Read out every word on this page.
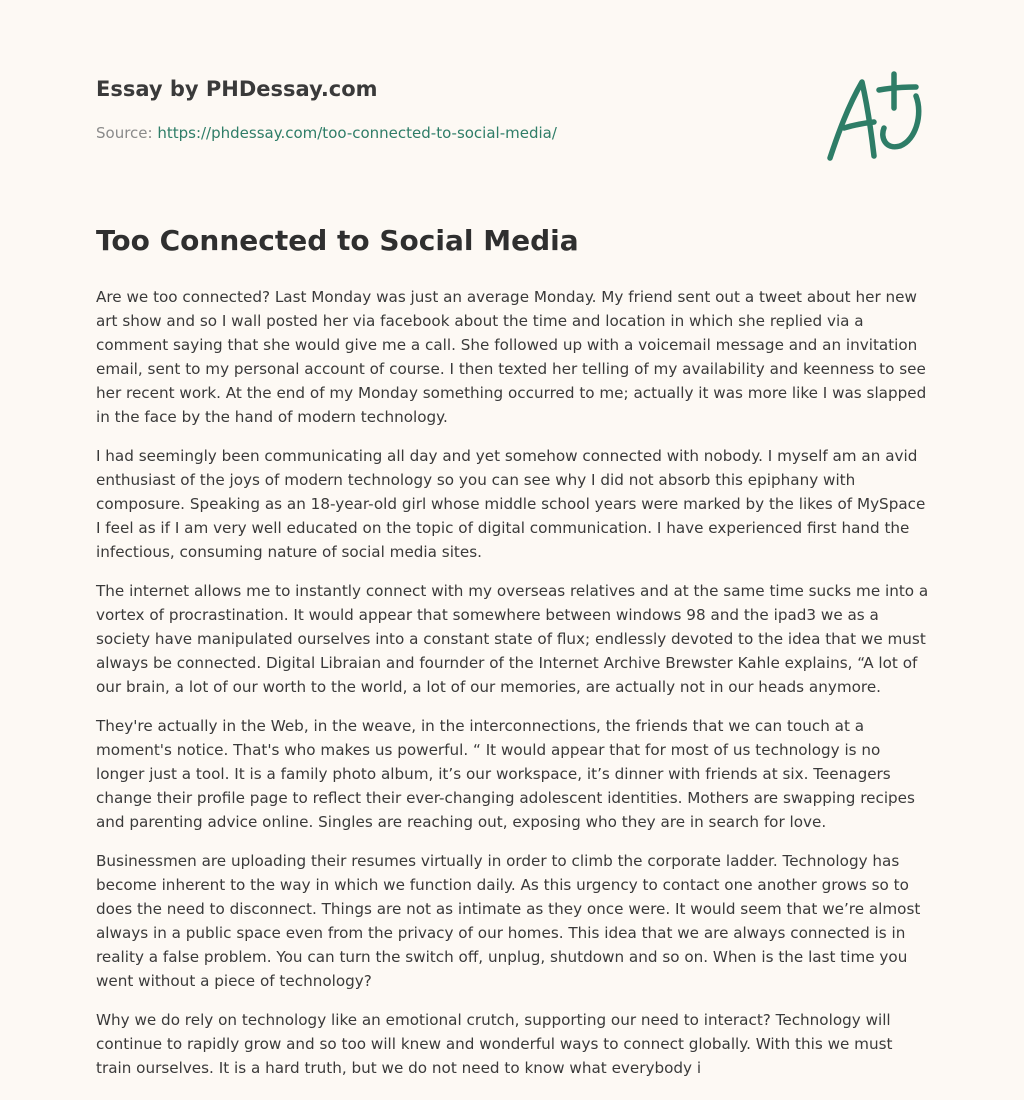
Essay by PHDessay.com
Source: https://phdessay.com/too-connected-to-social-media/
Too Connected to Social Media

Are we too connected? Last Monday was just an average Monday. My friend sent out a tweet about her new art show and so I wall posted her via facebook about the time and location in which she replied via a comment saying that she would give me a call. She followed up with a voicemail message and an invitation email, sent to my personal account of course. I then texted her telling of my availability and keenness to see her recent work. At the end of my Monday something occurred to me; actually it was more like I was slapped in the face by the hand of modern technology.

I had seemingly been communicating all day and yet somehow connected with nobody. I myself am an avid enthusiast of the joys of modern technology so you can see why I did not absorb this epiphany with composure. Speaking as an 18-year-old girl whose middle school years were marked by the likes of MySpace I feel as if I am very well educated on the topic of digital communication. I have experienced first hand the infectious, consuming nature of social media sites.

The internet allows me to instantly connect with my overseas relatives and at the same time sucks me into a vortex of procrastination. It would appear that somewhere between windows 98 and the ipad3 we as a society have manipulated ourselves into a constant state of flux; endlessly devoted to the idea that we must always be connected. Digital Libraian and fournder of the Internet Archive Brewster Kahle explains, “A lot of our brain, a lot of our worth to the world, a lot of our memories, are actually not in our heads anymore.

They're actually in the Web, in the weave, in the interconnections, the friends that we can touch at a moment's notice. That's who makes us powerful. “ It would appear that for most of us technology is no longer just a tool. It is a family photo album, it’s our workspace, it’s dinner with friends at six. Teenagers change their profile page to reflect their ever-changing adolescent identities. Mothers are swapping recipes and parenting advice online. Singles are reaching out, exposing who they are in search for love.

Businessmen are uploading their resumes virtually in order to climb the corporate ladder. Technology has become inherent to the way in which we function daily. As this urgency to contact one another grows so to does the need to disconnect. Things are not as intimate as they once were. It would seem that we’re almost always in a public space even from the privacy of our homes. This idea that we are always connected is in reality a false problem. You can turn the switch off, unplug, shutdown and so on. When is the last time you went without a piece of technology?

Why we do rely on technology like an emotional crutch, supporting our need to interact? Technology will continue to rapidly grow and so too will knew and wonderful ways to connect globally. With this we must train ourselves. It is a hard truth, but we do not need to know what everybody i
